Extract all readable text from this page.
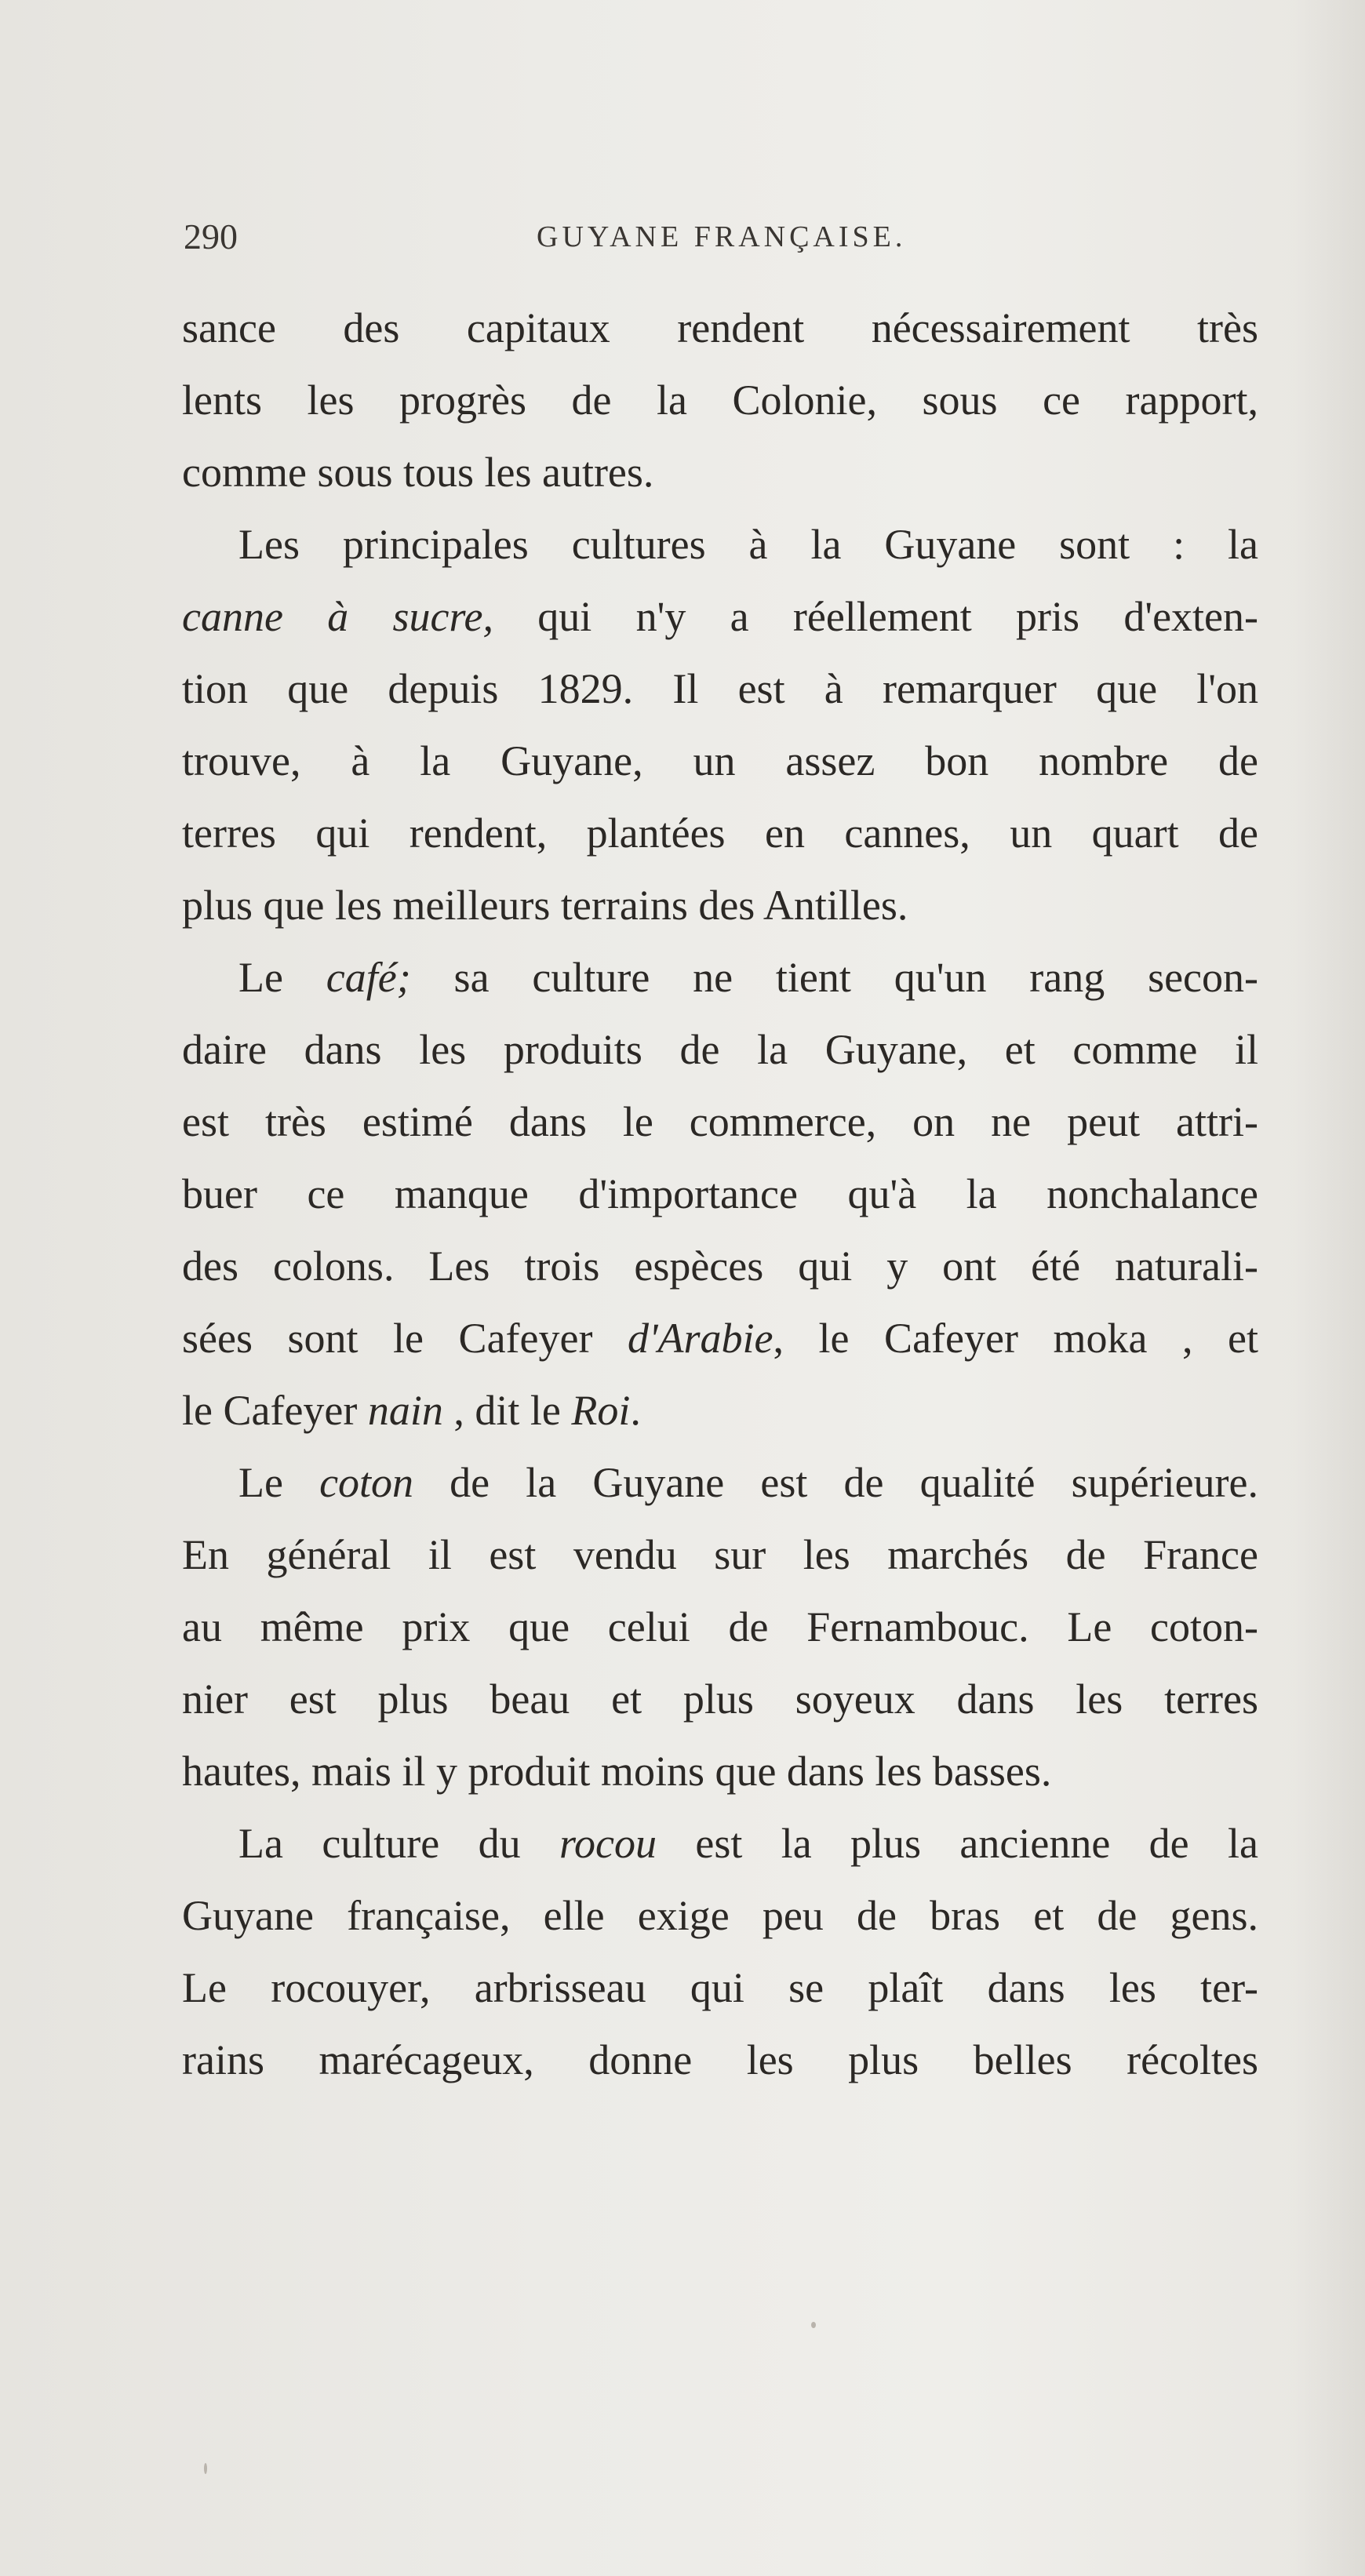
290	GUYANE FRANÇAISE.
sance des capitaux rendent nécessairement très
lents les progrès de la Colonie, sous ce rapport,
comme sous tous les autres.
Les principales cultures à la Guyane sont : la
canne à sucre, qui n'y a réellement pris d'exten-
tion que depuis 1829. Il est à remarquer que l'on
trouve, à la Guyane, un assez bon nombre de
terres qui rendent, plantées en cannes, un quart de
plus que les meilleurs terrains des Antilles.
Le café; sa culture ne tient qu'un rang secon-
daire dans les produits de la Guyane, et comme il
est très estimé dans le commerce, on ne peut attri-
buer ce manque d'importance qu'à la nonchalance
des colons. Les trois espèces qui y ont été naturali-
sées sont le Cafeyer d'Arabie, le Cafeyer moka , et
le Cafeyer nain , dit le Roi.
Le coton de la Guyane est de qualité supérieure.
En général il est vendu sur les marchés de France
au même prix que celui de Fernambouc. Le coton-
nier est plus beau et plus soyeux dans les terres
hautes, mais il y produit moins que dans les basses.
La culture du rocou est la plus ancienne de la
Guyane française, elle exige peu de bras et de gens.
Le rocouyer, arbrisseau qui se plaît dans les ter-
rains marécageux, donne les plus belles récoltes
